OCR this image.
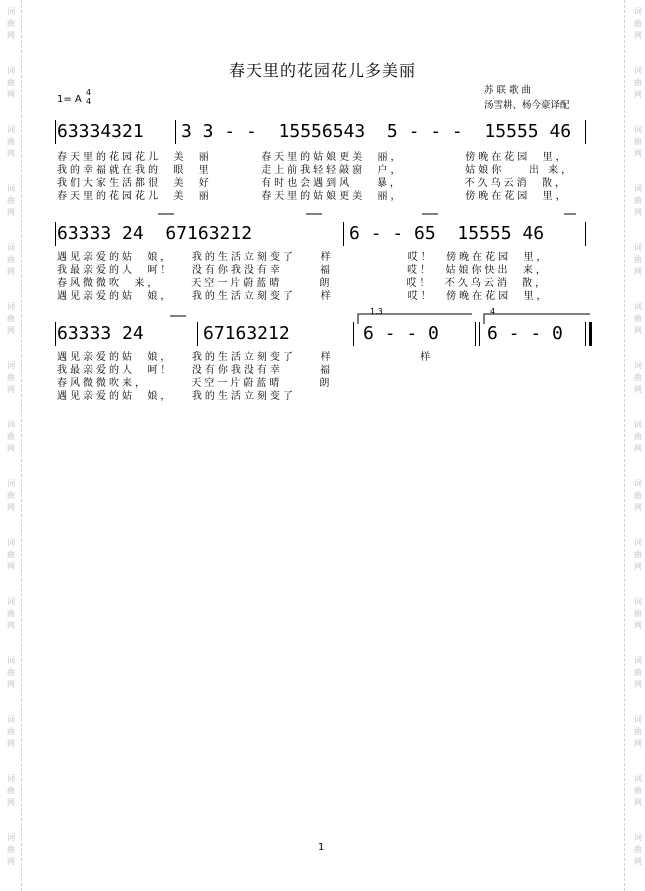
词
曲
网
词
曲
网
词
曲
网
词
曲
网
词
曲
网
词
曲
网
词
曲
网
词
曲
网
词
曲
网
词
曲
网
词
曲
网
词
曲
网
词
曲
网
词
曲
网
词
曲
网
词
曲
网
词
曲
网
词
曲
网
词
曲
网
词
曲
网
词
曲
网
词
曲
网
词
曲
网
词
曲
网
词
曲
网
词
曲
网
词
曲
网
词
曲
网
词
曲
网
词
曲
网
春天里的花园花儿多美丽
苏 联 歌 曲
汤雪耕、杨今豪译配
1= A
4
4
63334321 3 3 - -  15556543  5 - - -  15555 46
春天里的花园花儿  美  丽        春天里的姑娘更美  丽，          傍晚在花园  里，
我的幸福就在我的  眼  里        走上前我轻轻敲窗  户，          姑娘你    出 来，
我们大家生活都很  美  好        有时也会遇到风    暴，          不久乌云消  散，
春天里的花园花儿  美  丽        春天里的姑娘更美  丽，          傍晚在花园  里，
63333 24  67163212	6 - - 65  15555 46
遇见亲爱的姑  娘，   我的生活立刻变了    样            哎！  傍晚在花园  里，
我最亲爱的人  呵！   没有你我没有幸      福            哎！  姑娘你快出  来，
春风微微吹  来，     天空一片蔚蓝晴      朗            哎！  不久乌云消  散，
遇见亲爱的姑  娘，   我的生活立刻变了    样            哎！  傍晚在花园  里，
1.3	4
63333 24	67163212	6 - - 0	6 - - 0
遇见亲爱的姑  娘，   我的生活立刻变了    样              样
我最亲爱的人  呵！   没有你我没有幸      福
春风微微吹来，       天空一片蔚蓝晴      朗
遇见亲爱的姑  娘，   我的生活立刻变了
1
